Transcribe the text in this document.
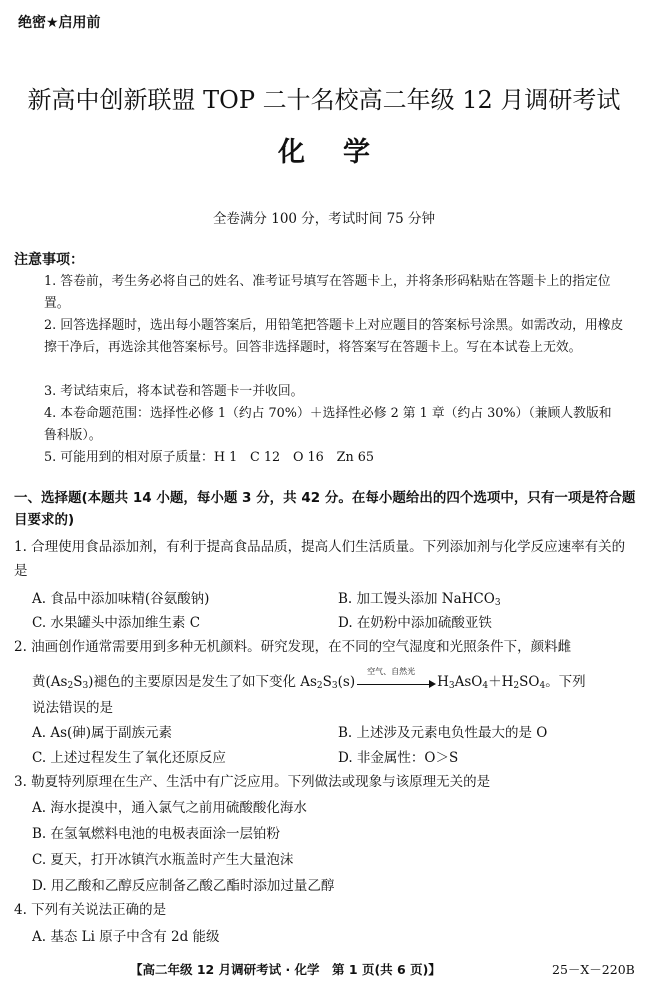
绝密★启用前
新高中创新联盟 TOP 二十名校高二年级 12 月调研考试
化学
全卷满分 100 分，考试时间 75 分钟
注意事项：
1. 答卷前，考生务必将自己的姓名、准考证号填写在答题卡上，并将条形码粘贴在答题卡上的指定位置。
2. 回答选择题时，选出每小题答案后，用铅笔把答题卡上对应题目的答案标号涂黑。如需改动，用橡皮擦干净后，再选涂其他答案标号。回答非选择题时，将答案写在答题卡上。写在本试卷上无效。
3. 考试结束后，将本试卷和答题卡一并收回。
4. 本卷命题范围：选择性必修 1（约占 70%）＋选择性必修 2 第 1 章（约占 30%）（兼顾人教版和鲁科版）。
5. 可能用到的相对原子质量：H 1　C 12　O 16　Zn 65
一、选择题(本题共 14 小题，每小题 3 分，共 42 分。在每小题给出的四个选项中，只有一项是符合题目要求的)
1. 合理使用食品添加剂，有利于提高食品品质，提高人们生活质量。下列添加剂与化学反应速率有关的是
A. 食品中添加味精(谷氨酸钠)	B. 加工馒头添加 NaHCO$_3$
C. 水果罐头中添加维生素 C	D. 在奶粉中添加硫酸亚铁
2. 油画创作通常需要用到多种无机颜料。研究发现，在不同的空气湿度和光照条件下，颜料雌
黄$(As_2S_3)$褪色的主要原因是发生了如下变化 $As_2S_3(s)$
空气、自然光
$H_3AsO_4+H_2SO_4$。下列
说法错误的是
A. As(砷)属于副族元素	B. 上述涉及元素电负性最大的是 O
C. 上述过程发生了氧化还原反应	D. 非金属性：O＞S
3. 勒夏特列原理在生产、生活中有广泛应用。下列做法或现象与该原理无关的是
A. 海水提溴中，通入氯气之前用硫酸酸化海水
B. 在氢氧燃料电池的电极表面涂一层铂粉
C. 夏天，打开冰镇汽水瓶盖时产生大量泡沫
D. 用乙酸和乙醇反应制备乙酸乙酯时添加过量乙醇
4. 下列有关说法正确的是
A. 基态 Li 原子中含有 2d 能级
【高二年级 12 月调研考试 · 化学　第 1 页(共 6 页)】	25－X－220B
